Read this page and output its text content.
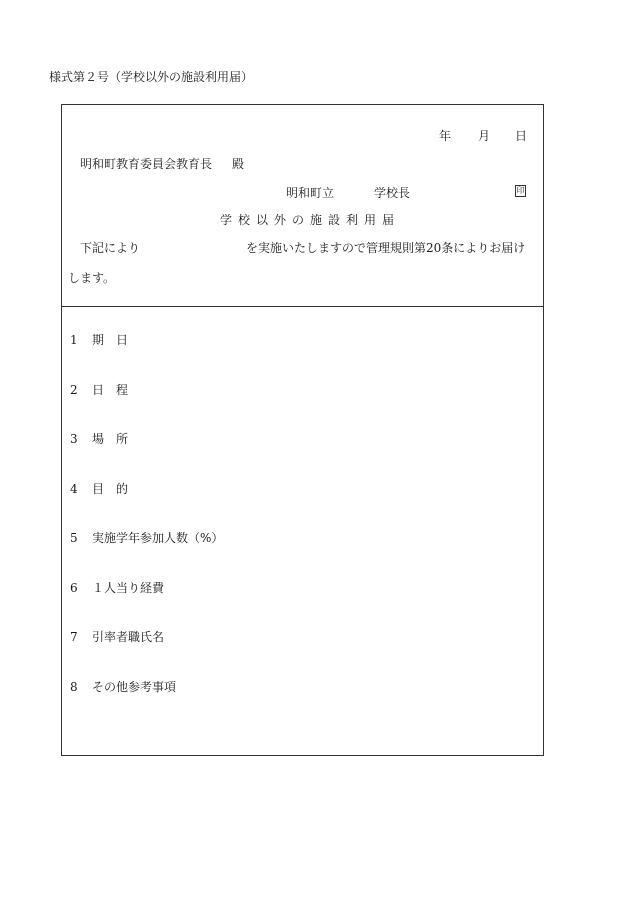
様式第２号（学校以外の施設利用届）
年 月 日
明和町教育委員会教育長 殿
明和町立	学校長	印
学校以外の施設利用届
下記により	を実施いたしますので管理規則第20条によりお届け
します。
1 期　日
2 日　程
3 場　所
4 目　的
5 実施学年参加人数（%）
6 １人当り経費
7 引率者職氏名
8 その他参考事項
